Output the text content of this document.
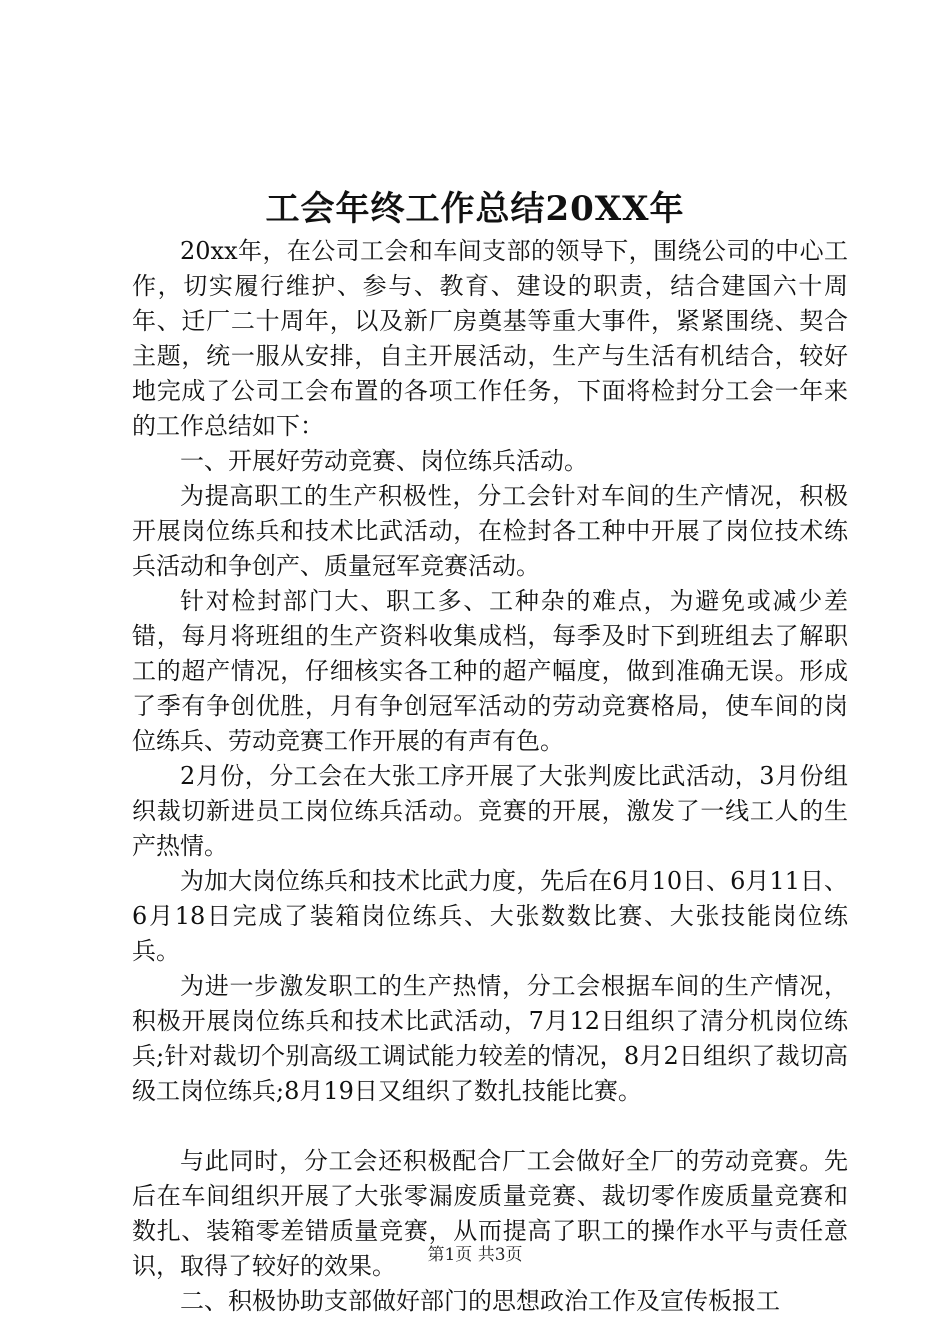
工会年终工作总结20XX年

20xx年，在公司工会和车间支部的领导下，围绕公司的中心工作，切实履行维护、参与、教育、建设的职责，结合建国六十周年、迁厂二十周年，以及新厂房奠基等重大事件，紧紧围绕、契合主题，统一服从安排，自主开展活动，生产与生活有机结合，较好地完成了公司工会布置的各项工作任务，下面将检封分工会一年来的工作总结如下：

一、开展好劳动竞赛、岗位练兵活动。

为提高职工的生产积极性，分工会针对车间的生产情况，积极开展岗位练兵和技术比武活动，在检封各工种中开展了岗位技术练兵活动和争创产、质量冠军竞赛活动。

针对检封部门大、职工多、工种杂的难点，为避免或减少差错，每月将班组的生产资料收集成档，每季及时下到班组去了解职工的超产情况，仔细核实各工种的超产幅度，做到准确无误。形成了季有争创优胜，月有争创冠军活动的劳动竞赛格局，使车间的岗位练兵、劳动竞赛工作开展的有声有色。

2月份，分工会在大张工序开展了大张判废比武活动，3月份组织裁切新进员工岗位练兵活动。竞赛的开展，激发了一线工人的生产热情。

为加大岗位练兵和技术比武力度，先后在6月10日、6月11日、6月18日完成了装箱岗位练兵、大张数数比赛、大张技能岗位练兵。

为进一步激发职工的生产热情，分工会根据车间的生产情况，积极开展岗位练兵和技术比武活动，7月12日组织了清分机岗位练兵;针对裁切个别高级工调试能力较差的情况，8月2日组织了裁切高级工岗位练兵;8月19日又组织了数扎技能比赛。

与此同时，分工会还积极配合厂工会做好全厂的劳动竞赛。先后在车间组织开展了大张零漏废质量竞赛、裁切零作废质量竞赛和数扎、装箱零差错质量竞赛，从而提高了职工的操作水平与责任意识，取得了较好的效果。

二、积极协助支部做好部门的思想政治工作及宣传板报工

第1页 共3页
